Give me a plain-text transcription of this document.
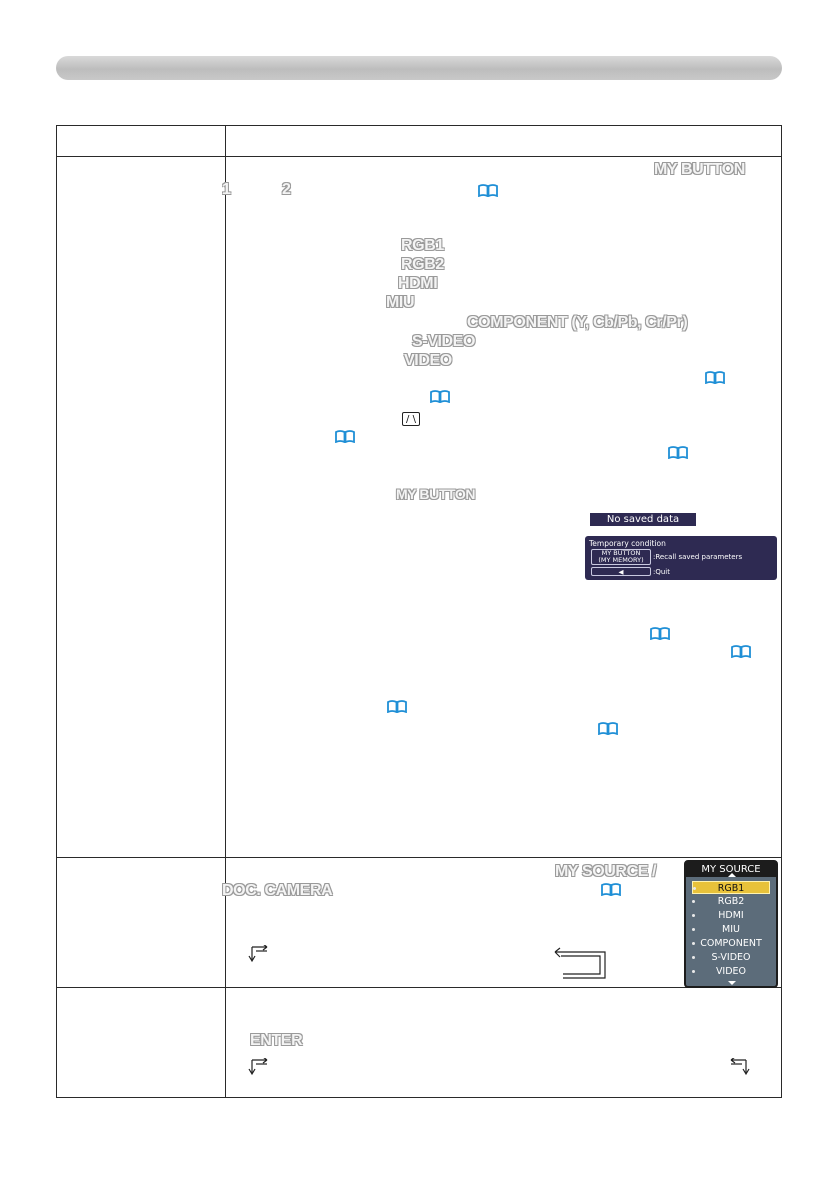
MY BUTTON
1	2
RGB1
RGB2
HDMI
MIU
COMPONENT (Y, Cb/Pb, Cr/Pr)
S-VIDEO
VIDEO
/ \
MY BUTTON
No saved data
Temporary condition
MY BUTTON
(MY MEMORY)	:Recall saved parameters
◀	:Quit
MY SOURCE /
DOC. CAMERA
MY SOURCE
RGB1
RGB2
HDMI
MIU
COMPONENT
S-VIDEO
VIDEO
ENTER
